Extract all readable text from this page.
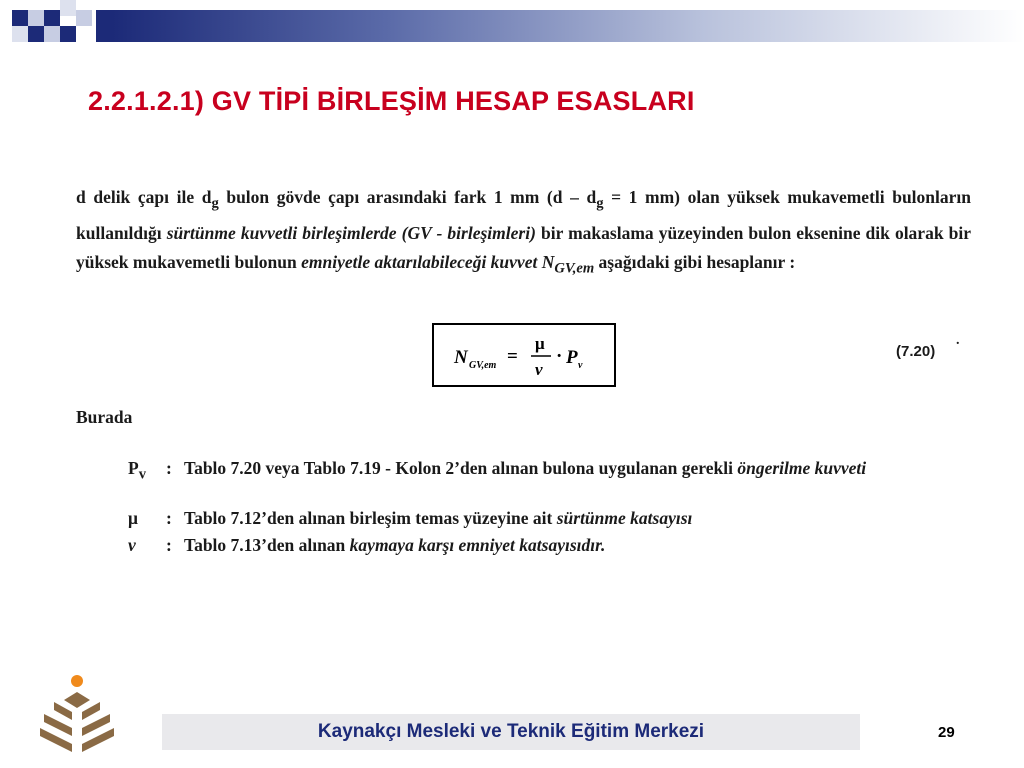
2.2.1.2.1) GV TİPİ BİRLEŞİM HESAP ESASLARI
d delik çapı ile $d_g$ bulon gövde çapı arasındaki fark 1 mm ($d - d_g = 1$ mm) olan yüksek mukavemetli bulonların kullanıldığı sürtünme kuvvetli birleşimlerde (GV - birleşimleri) bir makaslama yüzeyinden bulon eksenine dik olarak bir yüksek mukavemetli bulonun emniyetle aktarılabileceği kuvvet $N_{GV,em}$ aşağıdaki gibi hesaplanır :
N GV,em =
μ
ν
· P v
(7.20)
.
Burada
$P_v$	: Tablo 7.20 veya Tablo 7.19 - Kolon 2’den alınan bulona uygulanan gerekli öngerilme kuvveti
μ	: Tablo 7.12’den alınan birleşim temas yüzeyine ait sürtünme katsayısı
ν	: Tablo 7.13’den alınan kaymaya karşı emniyet katsayısıdır.
Kaynakçı Mesleki ve Teknik Eğitim Merkezi	29
